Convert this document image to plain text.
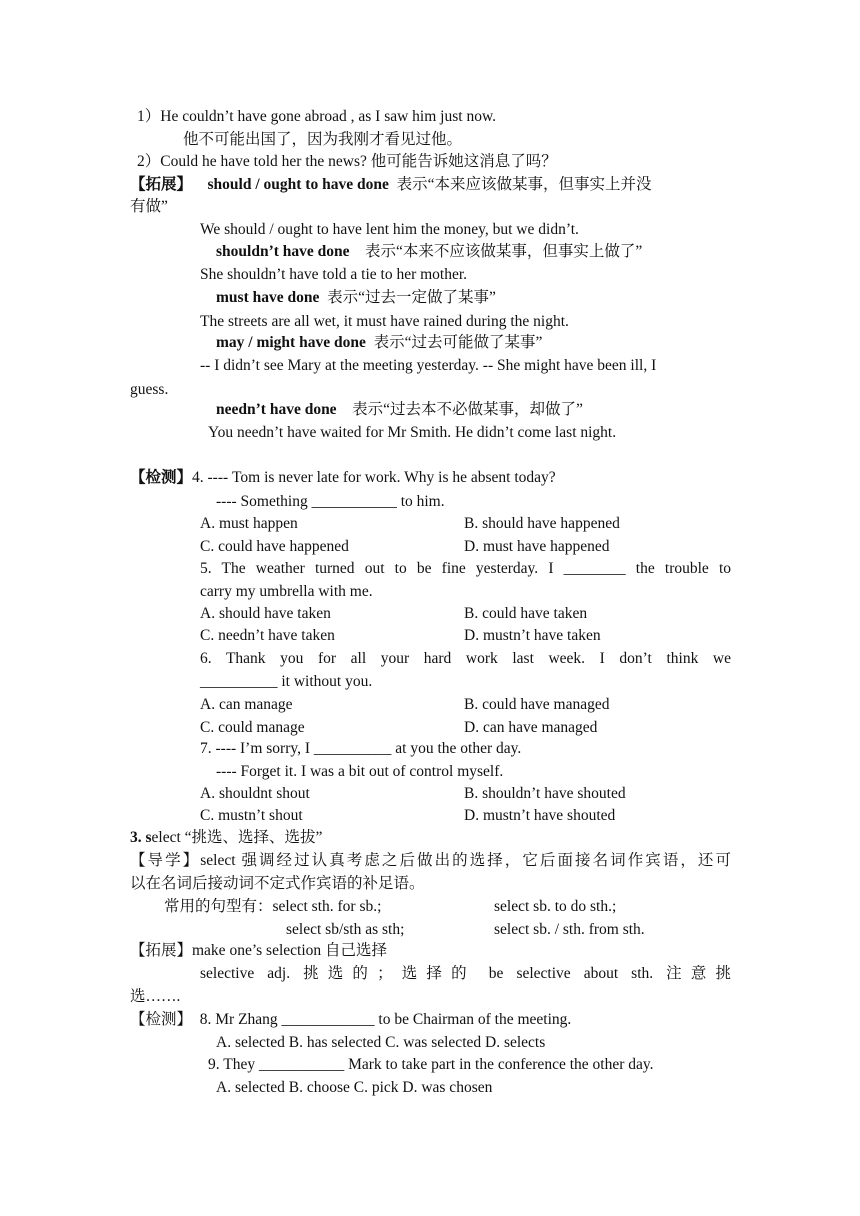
1）He couldn’t have gone abroad , as I saw him just now.
他不可能出国了，因为我刚才看见过他。
2）Could he have told her the news? 他可能告诉她这消息了吗？
【拓展】 should / ought to have done 表示“本来应该做某事，但事实上并没
有做”
We should / ought to have lent him the money, but we didn’t.
shouldn’t have done 表示“本来不应该做某事，但事实上做了”
She shouldn’t have told a tie to her mother.
must have done 表示“过去一定做了某事”
The streets are all wet, it must have rained during the night.
may / might have done 表示“过去可能做了某事”
-- I didn’t see Mary at the meeting yesterday. -- She might have been ill, I
guess.
needn’t have done 表示“过去本不必做某事，却做了”
You needn’t have waited for Mr Smith. He didn’t come last night.
【检测】4. ---- Tom is never late for work. Why is he absent today?
---- Something ___________ to him.
A. must happen	B. should have happened
C. could have happened	D. must have happened
5. The weather turned out to be fine yesterday. I ________ the trouble to
carry my umbrella with me.
A. should have taken	B. could have taken
C. needn’t have taken	D. mustn’t have taken
6. Thank you for all your hard work last week. I don’t think we
__________ it without you.
A. can manage	B. could have managed
C. could manage	D. can have managed
7. ---- I’m sorry, I __________ at you the other day.
---- Forget it. I was a bit out of control myself.
A. shouldnt shout	B. shouldn’t have shouted
C. mustn’t shout	D. mustn’t have shouted
3. select “挑选、选择、选拔”
【导学】select 强调经过认真考虑之后做出的选择，它后面接名词作宾语，还可
以在名词后接动词不定式作宾语的补足语。
常用的句型有：select sth. for sb.;	select sb. to do sth.;
select sb/sth as sth;	select sb. / sth. from sth.
【拓展】make one’s selection 自己选择
selective adj. 挑选的；选择的 be selective about sth. 注意挑
选…….
【检测】 8. Mr Zhang ____________ to be Chairman of the meeting.
A. selected B. has selected C. was selected D. selects
9. They ___________ Mark to take part in the conference the other day.
A. selected B. choose C. pick D. was chosen
